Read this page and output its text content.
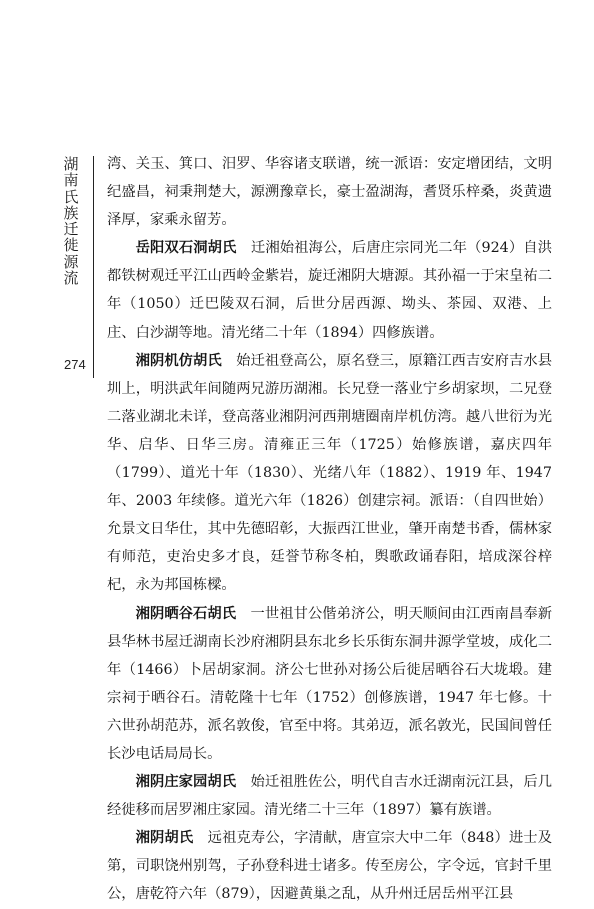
湖
南
氏
族
迁
徙
源
流
274

湾、关玉、箕口、汨罗、华容诸支联谱，统一派语：安定增团结，文明纪盛昌，祠秉荆楚大，源溯豫章长，豪士盈湖海，耆贤乐梓桑，炎黄遗泽厚，家乘永留芳。

岳阳双石洞胡氏　 迁湘始祖海公，后唐庄宗同光二年（924）自洪都铁树观迁平江山西岭金紫岩，旋迁湘阴大塘源。其孙福一于宋皇祐二年（1050）迁巴陵双石洞，后世分居西源、坳头、茶园、双港、上庄、白沙湖等地。清光绪二十年（1894）四修族谱。

湘阴机仿胡氏　 始迁祖登高公，原名登三，原籍江西吉安府吉水县圳上，明洪武年间随两兄游历湖湘。长兄登一落业宁乡胡家坝，二兄登二落业湖北未详，登高落业湘阴河西荆塘圈南岸机仿湾。越八世衍为光华、启华、日华三房。清雍正三年（1725）始修族谱，嘉庆四年（1799）、道光十年（1830）、光绪八年（1882）、1919 年、1947年、2003 年续修。道光六年（1826）创建宗祠。派语：（自四世始）允景文日华仕，其中先德昭彰，大振西江世业，肇开南楚书香，儒林家有师范，吏治史多才良，廷誉节称冬柏，舆歌政诵春阳，培成深谷梓杞，永为邦国栋樑。

湘阴晒谷石胡氏　 一世祖甘公偕弟济公，明天顺间由江西南昌奉新县华林书屋迁湖南长沙府湘阴县东北乡长乐街东洞井源学堂坡，成化二年（1466）卜居胡家洞。济公七世孙对扬公后徙居晒谷石大垅塅。建宗祠于晒谷石。清乾隆十七年（1752）创修族谱，1947 年七修。十六世孙胡范苏，派名敦俊，官至中将。其弟迈，派名敦光，民国间曾任长沙电话局局长。

湘阴庄家园胡氏　 始迁祖胜佐公，明代自吉水迁湖南沅江县，后几经徙移而居罗湘庄家园。清光绪二十三年（1897）纂有族谱。

湘阴胡氏　 远祖克寿公，字清献，唐宣宗大中二年（848）进士及第，司职饶州别驾，子孙登科进士诸多。传至房公，字令远，官封千里公，唐乾符六年（879），因避黄巢之乱，从升州迁居岳州平江县
